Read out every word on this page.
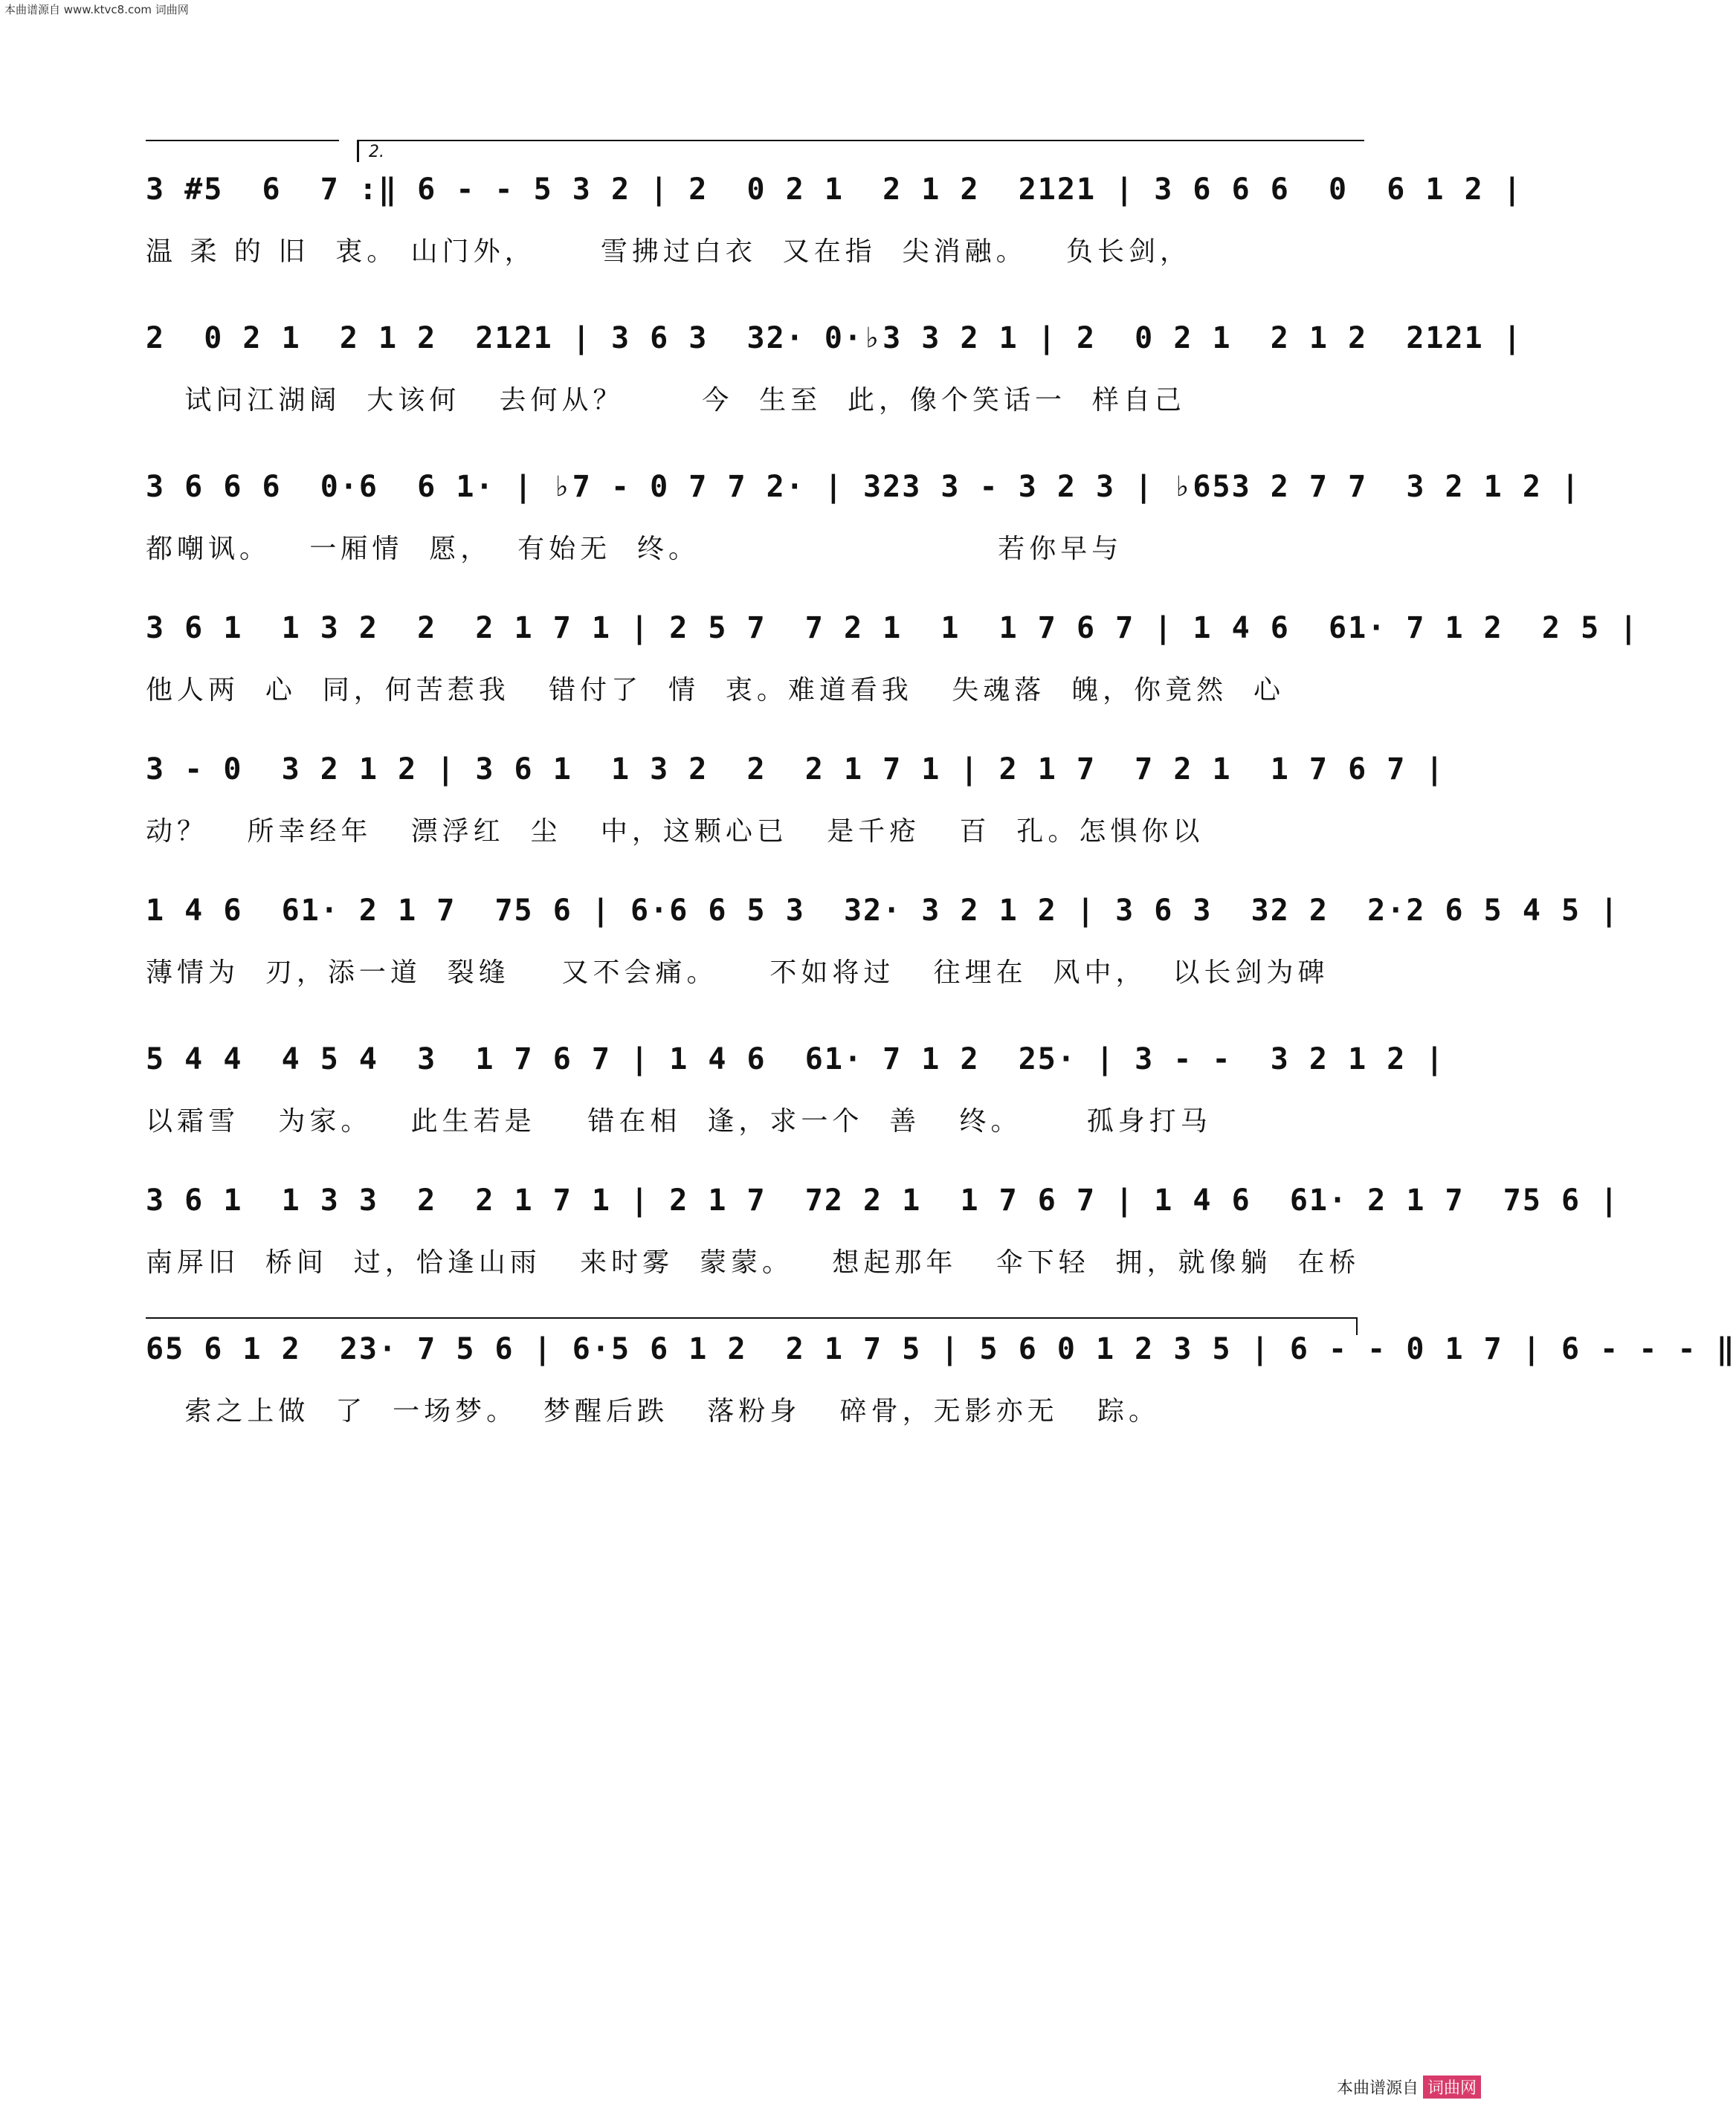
本曲谱源自 www.ktvc8.com 词曲网
2.
3 #5  6  7 :‖ 6 - - 5 3 2 | 2  0 2 1  2 1 2  2121 | 3 6 6 6  0  6 1 2 |
温 柔 的 旧  衷。 山门外，     雪拂过白衣  又在指  尖消融。   负长剑，
2  0 2 1  2 1 2  2121 | 3 6 3  32· 0·♭3 3 2 1 | 2  0 2 1  2 1 2  2121 |
试问江湖阔  大该何   去何从？      今  生至  此，像个笑话一  样自己
3 6 6 6  0·6  6 1· | ♭7 - 0 7 7 2· | 323 3 - 3 2 3 | ♭653 2 7 7  3 2 1 2 |
都嘲讽。   一厢情  愿，  有始无  终。                       若你早与
3 6 1  1 3 2  2  2 1 7 1 | 2 5 7  7 2 1  1  1 7 6 7 | 1 4 6  61· 7 1 2  2 5 |
他人两  心  同，何苦惹我   错付了  情  衷。难道看我   失魂落  魄，你竟然  心
3 - 0  3 2 1 2 | 3 6 1  1 3 2  2  2 1 7 1 | 2 1 7  7 2 1  1 7 6 7 |
动？   所幸经年   漂浮红  尘   中，这颗心已   是千疮   百  孔。怎惧你以
1 4 6  61· 2 1 7  75 6 | 6·6 6 5 3  32· 3 2 1 2 | 3 6 3  32 2  2·2 6 5 4 5 |
薄情为  刃，添一道  裂缝    又不会痛。    不如将过   往埋在  风中，  以长剑为碑
5 4 4  4 5 4  3  1 7 6 7 | 1 4 6  61· 7 1 2  25· | 3 - -  3 2 1 2 |
以霜雪   为家。   此生若是    错在相  逢，求一个  善   终。     孤身打马
3 6 1  1 3 3  2  2 1 7 1 | 2 1 7  72 2 1  1 7 6 7 | 1 4 6  61· 2 1 7  75 6 |
南屏旧  桥间  过，恰逢山雨   来时雾  蒙蒙。   想起那年   伞下轻  拥，就像躺  在桥
65 6 1 2  23· 7 5 6 | 6·5 6 1 2  2 1 7 5 | 5 6 0 1 2 3 5 | 6 - - 0 1 7 | 6 - - - ‖
索之上做  了  一场梦。  梦醒后跌   落粉身   碎骨，无影亦无   踪。
本曲谱源自 词曲网
